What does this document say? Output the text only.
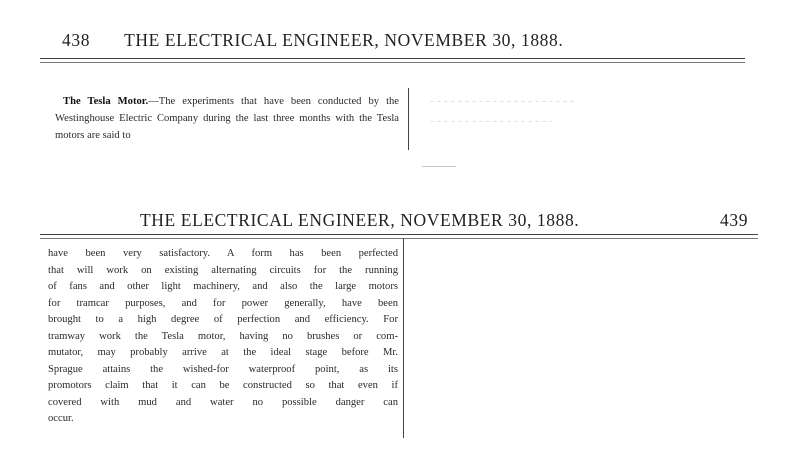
- - - - - - - - - - - - - - - - - - - - -
- - - - - - - - - - - - - - - - - -
438 THE ELECTRICAL ENGINEER, NOVEMBER 30, 1888.
The Tesla Motor.—The experiments that have been conducted by the Westinghouse Electric Company during the last three months with the Tesla motors are said to
THE ELECTRICAL ENGINEER, NOVEMBER 30, 1888.	439
have been very satisfactory. A form has been perfected
that will work on existing alternating circuits for the running
of fans and other light machinery, and also the large motors
for tramcar purposes, and for power generally, have been
brought to a high degree of perfection and efficiency. For
tramway work the Tesla motor, having no brushes or com-
mutator, may probably arrive at the ideal stage before Mr.
Sprague attains the wished-for waterproof point, as its
promotors claim that it can be constructed so that even if
covered with mud and water no possible danger can
occur.
